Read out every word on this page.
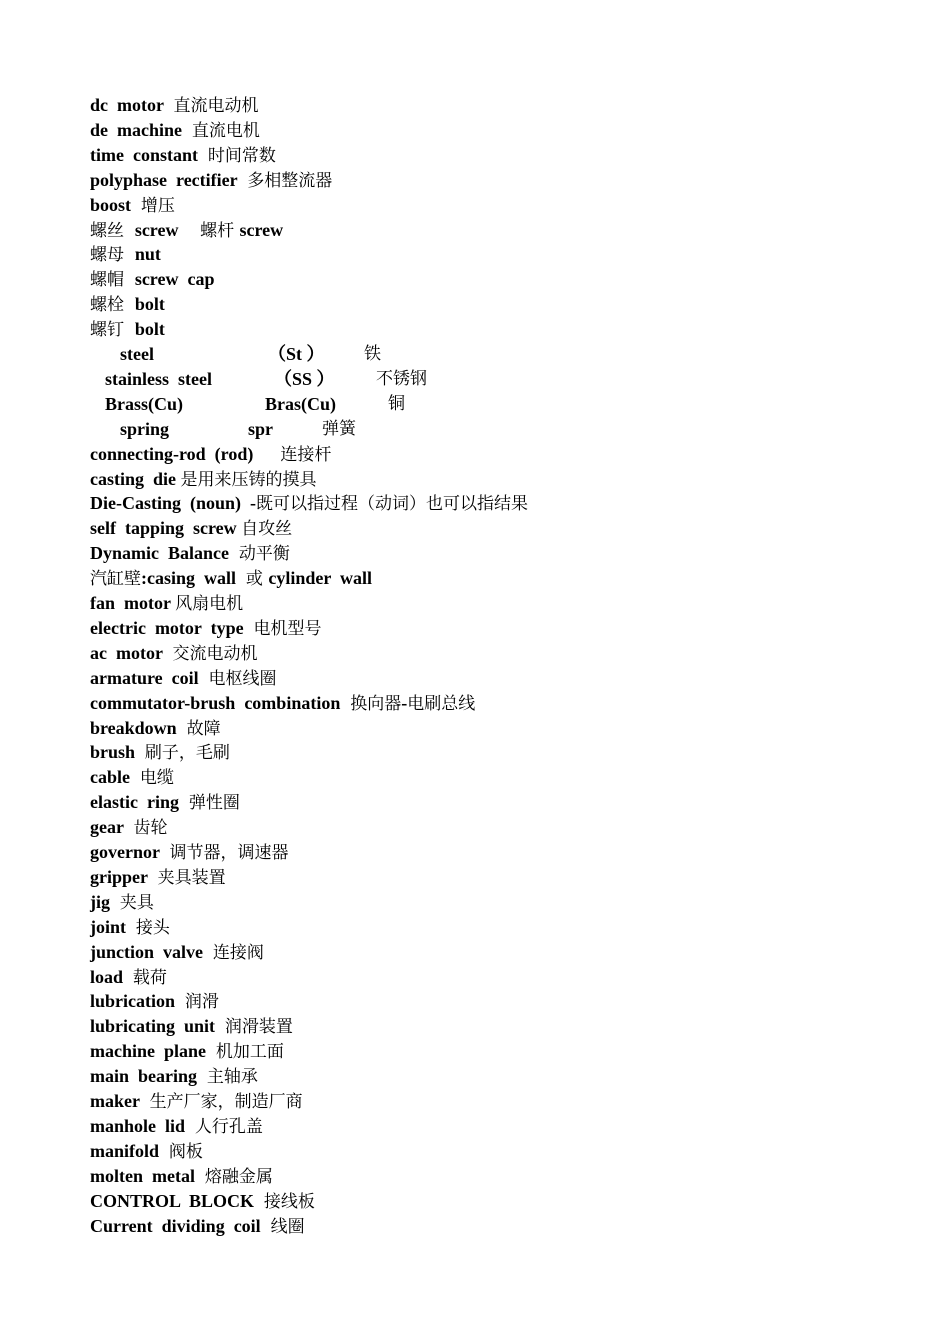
dc  motor  直流电动机
de  machine  直流电机
time  constant  时间常数
polyphase  rectifier  多相整流器
boost  增压
螺丝  screw    螺杆 screw
螺母  nut
螺帽  screw  cap
螺栓  bolt
螺钉  bolt
steel	（St ） 铁
stainless  steel	（SS ） 不锈钢
Brass(Cu)	Bras(Cu)	铜
spring	spr	弹簧
connecting-rod  (rod)     连接杆
casting  die 是用来压铸的摸具
Die-Casting  (noun)  -既可以指过程（动词）也可以指结果
self  tapping  screw 自攻丝
Dynamic  Balance  动平衡
汽缸壁:casing  wall  或 cylinder  wall
fan  motor 风扇电机
electric  motor  type  电机型号
ac  motor  交流电动机
armature  coil  电枢线圈
commutator-brush  combination  换向器-电刷总线
breakdown  故障
brush  刷子，毛刷
cable  电缆
elastic  ring  弹性圈
gear  齿轮
governor  调节器，调速器
gripper  夹具装置
jig  夹具
joint  接头
junction  valve  连接阀
load  载荷
lubrication  润滑
lubricating  unit  润滑装置
machine  plane  机加工面
main  bearing  主轴承
maker  生产厂家，制造厂商
manhole  lid  人行孔盖
manifold  阀板
molten  metal  熔融金属
CONTROL  BLOCK  接线板
Current  dividing  coil  线圈
